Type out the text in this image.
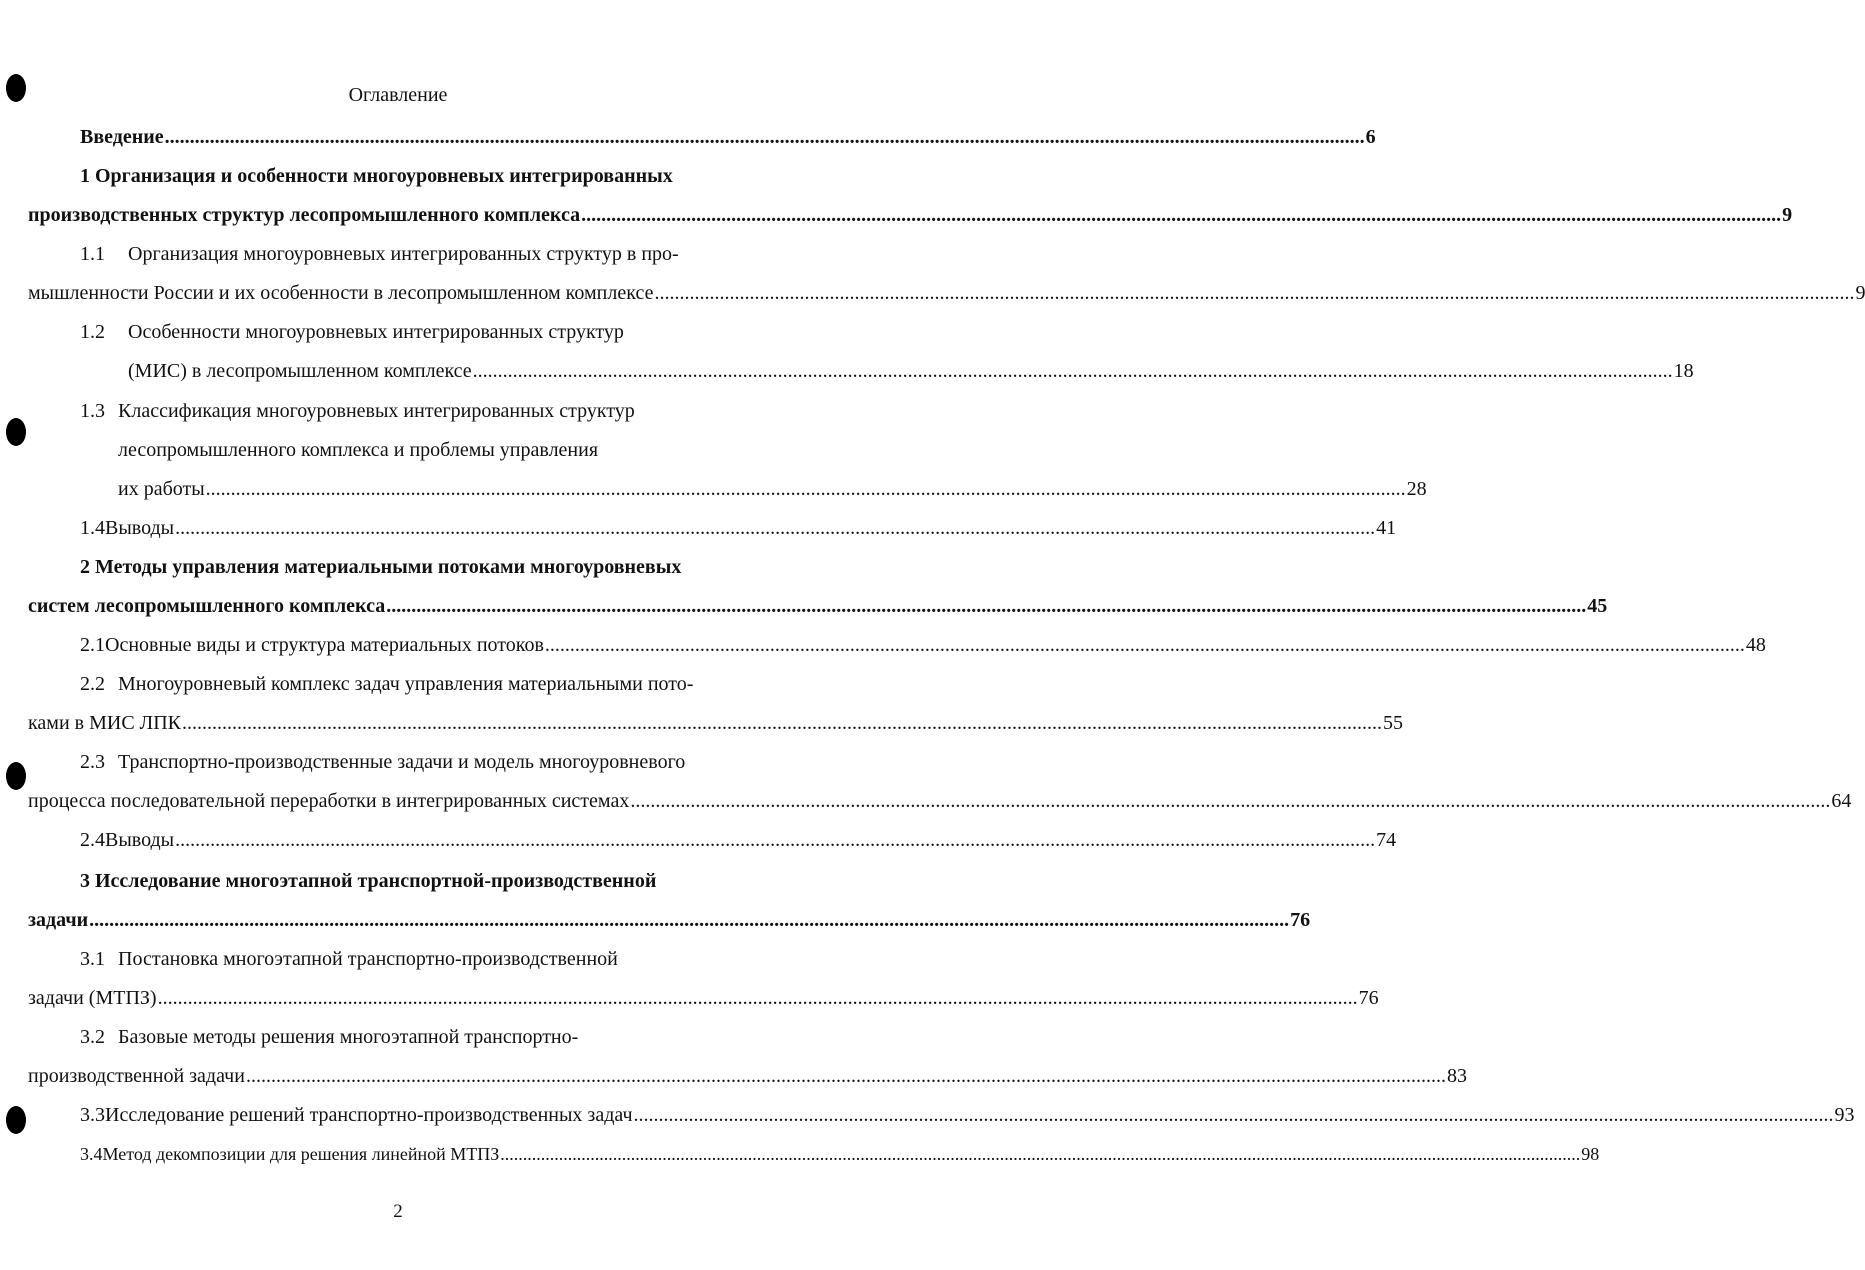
Оглавление
Введение .....	6
1 Организация и особенности многоуровневых интегрированных
производственных структур лесопромышленного комплекса .....	9
1.1 Организация многоуровневых интегрированных структур в про-
мышленности России и их особенности в лесопромышленном комплексе .....	9
1.2 Особенности многоуровневых интегрированных структур
(МИС) в лесопромышленном комплексе .....	18
1.3 Классификация многоуровневых интегрированных структур
лесопромышленного комплекса и проблемы управления
их работы .....	28
1.4 Выводы .....	41
2 Методы управления материальными потоками многоуровневых
систем лесопромышленного комплекса .....	45
2.1 Основные виды и структура материальных потоков .....	48
2.2 Многоуровневый комплекс задач управления материальными пото-
ками в МИС ЛПК .....	55
2.3 Транспортно-производственные задачи и модель многоуровневого
процесса последовательной переработки в интегрированных системах .....	64
2.4 Выводы .....	74
3 Исследование многоэтапной транспортной-производственной
задачи .....	76
3.1 Постановка многоэтапной транспортно-производственной
задачи (МТПЗ) .....	76
3.2 Базовые методы решения многоэтапной транспортно-
производственной задачи .....	83
3.3 Исследование решений транспортно-производственных задач .....	93
3.4 Метод декомпозиции для решения линейной МТПЗ .....	98
2
